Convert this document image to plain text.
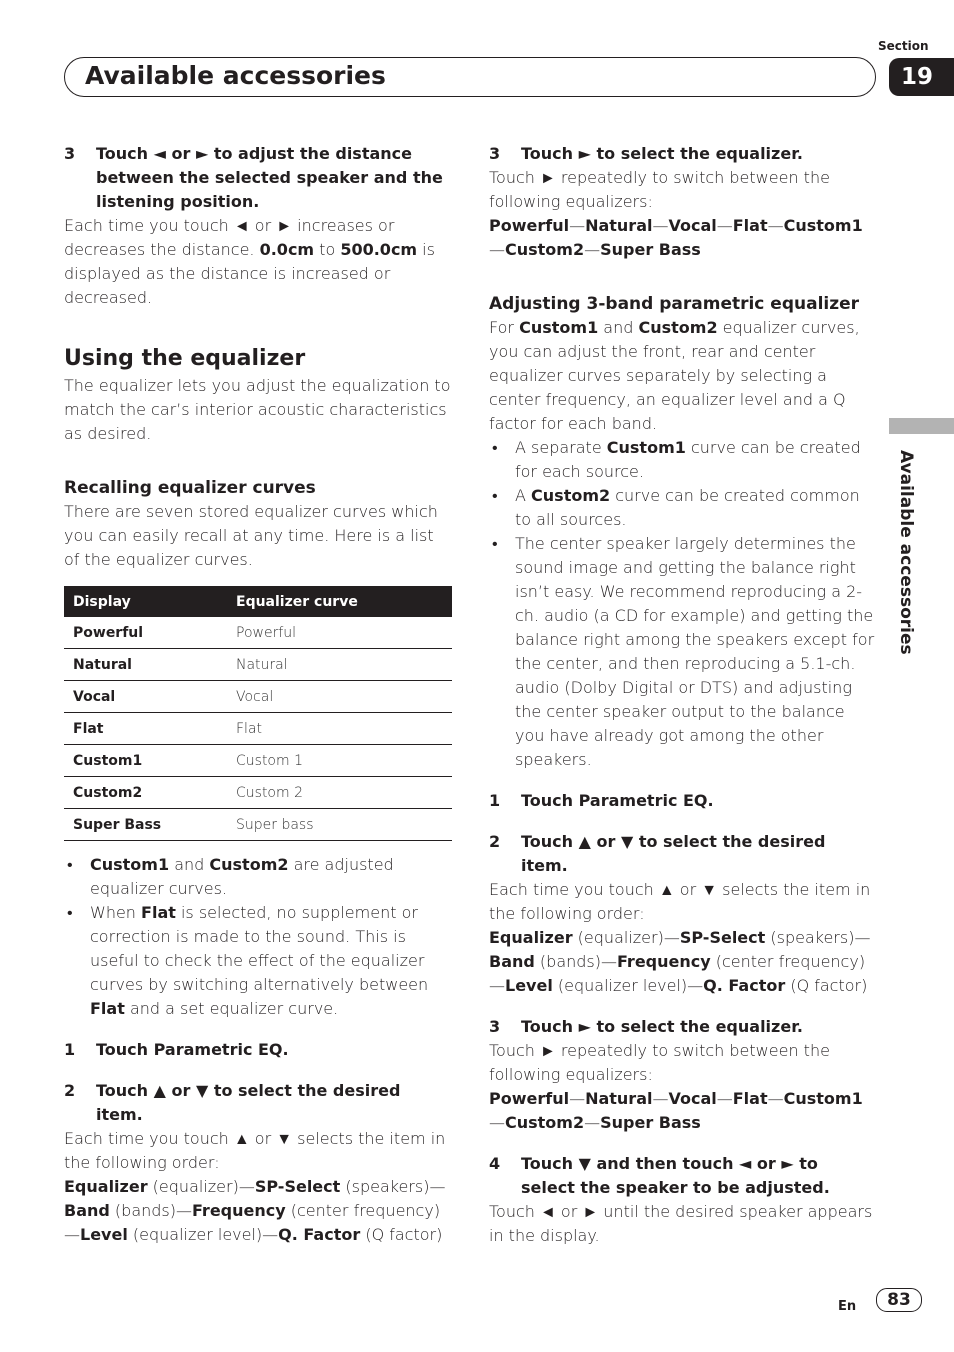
Section
19
Available accessories
3	Touch ◄ or ► to adjust the distance between the selected speaker and the listening position.

Each time you touch ◄ or ► increases or decreases the distance. 0.0cm to 500.0cm is displayed as the distance is increased or decreased.

Using the equalizer

The equalizer lets you adjust the equalization to match the car’s interior acoustic characteristics as desired.

Recalling equalizer curves

There are seven stored equalizer curves which you can easily recall at any time. Here is a list of the equalizer curves.

Display	Equalizer curve
Powerful	Powerful
Natural	Natural
Vocal	Vocal
Flat	Flat
Custom1	Custom 1
Custom2	Custom 2
Super Bass	Super bass
• Custom1 and Custom2 are adjusted equalizer curves.
• When Flat is selected, no supplement or correction is made to the sound. This is useful to check the effect of the equalizer curves by switching alternatively between Flat and a set equalizer curve.
1	Touch Parametric EQ.
2	Touch ▲ or ▼ to select the desired item.

Each time you touch ▲ or ▼ selects the item in the following order:

Equalizer (equalizer)—SP-Select (speakers)—Band (bands)—Frequency (center frequency)—Level (equalizer level)—Q. Factor (Q factor)

3	Touch ► to select the equalizer.

Touch ► repeatedly to switch between the following equalizers:

Powerful—Natural—Vocal—Flat—Custom1 —Custom2—Super Bass

Adjusting 3-band parametric equalizer

For Custom1 and Custom2 equalizer curves, you can adjust the front, rear and center equalizer curves separately by selecting a center frequency, an equalizer level and a Q factor for each band.

• A separate Custom1 curve can be created for each source.
• A Custom2 curve can be created common to all sources.
• The center speaker largely determines the sound image and getting the balance right isn’t easy. We recommend reproducing a 2-ch. audio (a CD for example) and getting the balance right among the speakers except for the center, and then reproducing a 5.1-ch. audio (Dolby Digital or DTS) and adjusting the center speaker output to the balance you have already got among the other speakers.
1	Touch Parametric EQ.
2	Touch ▲ or ▼ to select the desired item.

Each time you touch ▲ or ▼ selects the item in the following order:

Equalizer (equalizer)—SP-Select (speakers)—Band (bands)—Frequency (center frequency)—Level (equalizer level)—Q. Factor (Q factor)

3	Touch ► to select the equalizer.

Touch ► repeatedly to switch between the following equalizers:

Powerful—Natural—Vocal—Flat—Custom1 —Custom2—Super Bass

4	Touch ▼ and then touch ◄ or ► to select the speaker to be adjusted.

Touch ◄ or ► until the desired speaker appears in the display.

Available accessories
En	83
